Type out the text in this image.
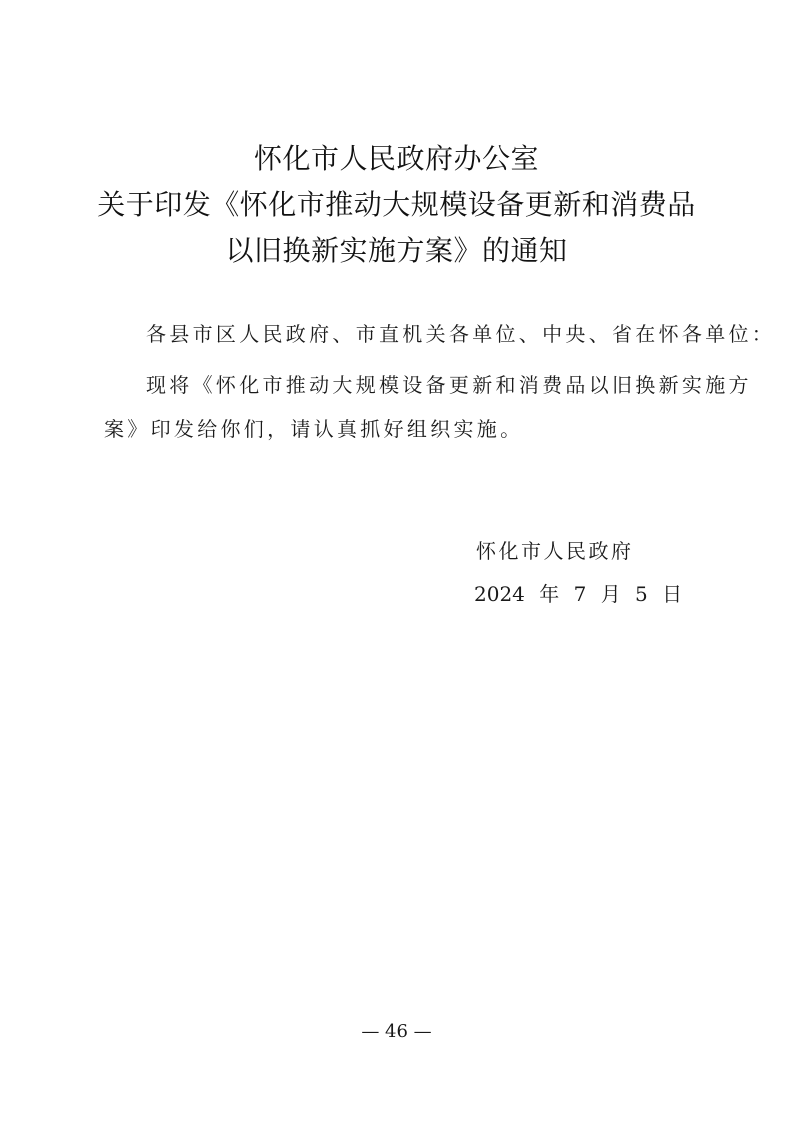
怀化市人民政府办公室
关于印发《怀化市推动大规模设备更新和消费品
以旧换新实施方案》的通知
各县市区人民政府、市直机关各单位、中央、省在怀各单位：
现将《怀化市推动大规模设备更新和消费品以旧换新实施方
案》印发给你们，请认真抓好组织实施。
怀化市人民政府
2024 年 7 月 5 日
— 46 —
